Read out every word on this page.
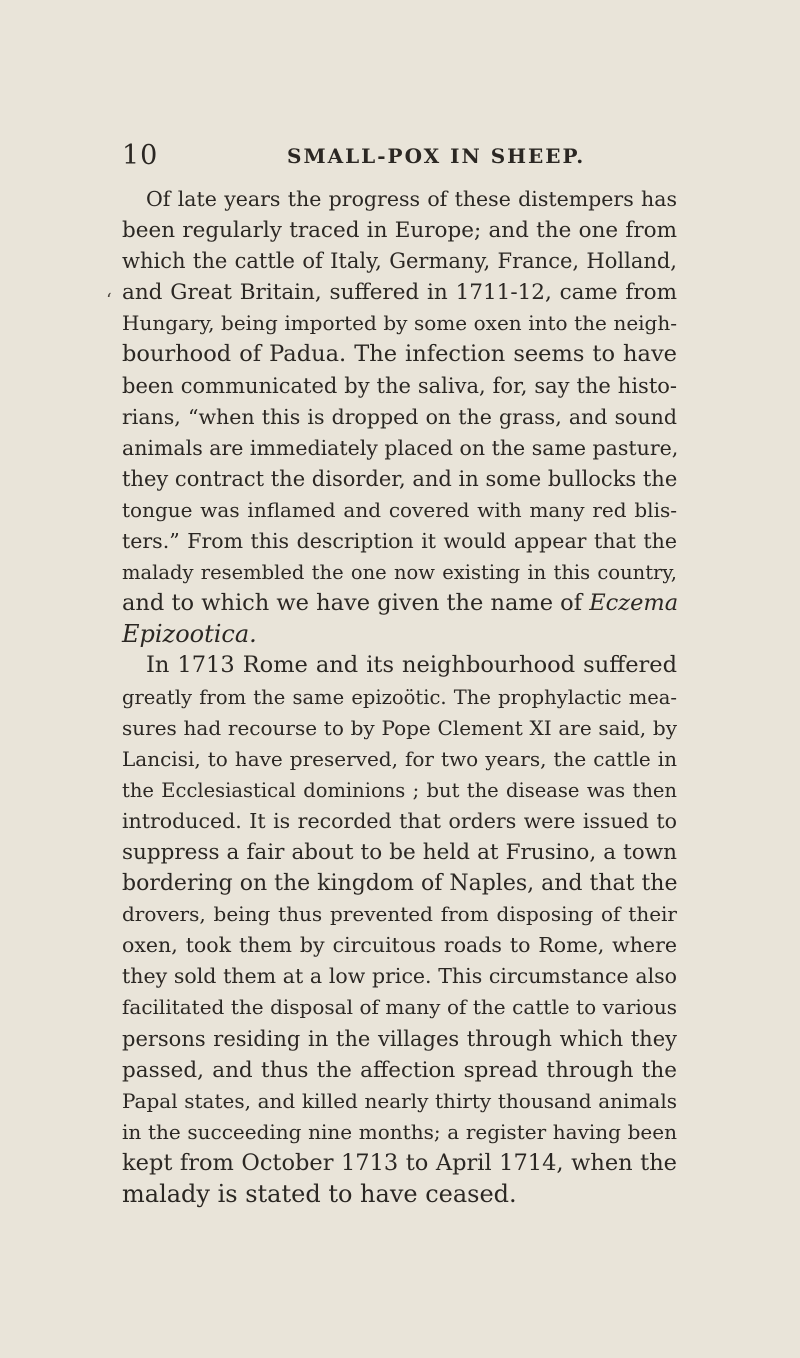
10	SMALL-POX IN SHEEP.
‘
Of late years the progress of these distempers has
been regularly traced in Europe; and the one from
which the cattle of Italy, Germany, France, Holland,
and Great Britain, suffered in 1711-12, came from
Hungary, being imported by some oxen into the neigh-
bourhood of Padua. The infection seems to have
been communicated by the saliva, for, say the histo-
rians, “when this is dropped on the grass, and sound
animals are immediately placed on the same pasture,
they contract the disorder, and in some bullocks the
tongue was inflamed and covered with many red blis-
ters.” From this description it would appear that the
malady resembled the one now existing in this country,
and to which we have given the name of Eczema
Epizootica.
In 1713 Rome and its neighbourhood suffered
greatly from the same epizoötic. The prophylactic mea-
sures had recourse to by Pope Clement XI are said, by
Lancisi, to have preserved, for two years, the cattle in
the Ecclesiastical dominions ; but the disease was then
introduced. It is recorded that orders were issued to
suppress a fair about to be held at Frusino, a town
bordering on the kingdom of Naples, and that the
drovers, being thus prevented from disposing of their
oxen, took them by circuitous roads to Rome, where
they sold them at a low price. This circumstance also
facilitated the disposal of many of the cattle to various
persons residing in the villages through which they
passed, and thus the affection spread through the
Papal states, and killed nearly thirty thousand animals
in the succeeding nine months; a register having been
kept from October 1713 to April 1714, when the
malady is stated to have ceased.
